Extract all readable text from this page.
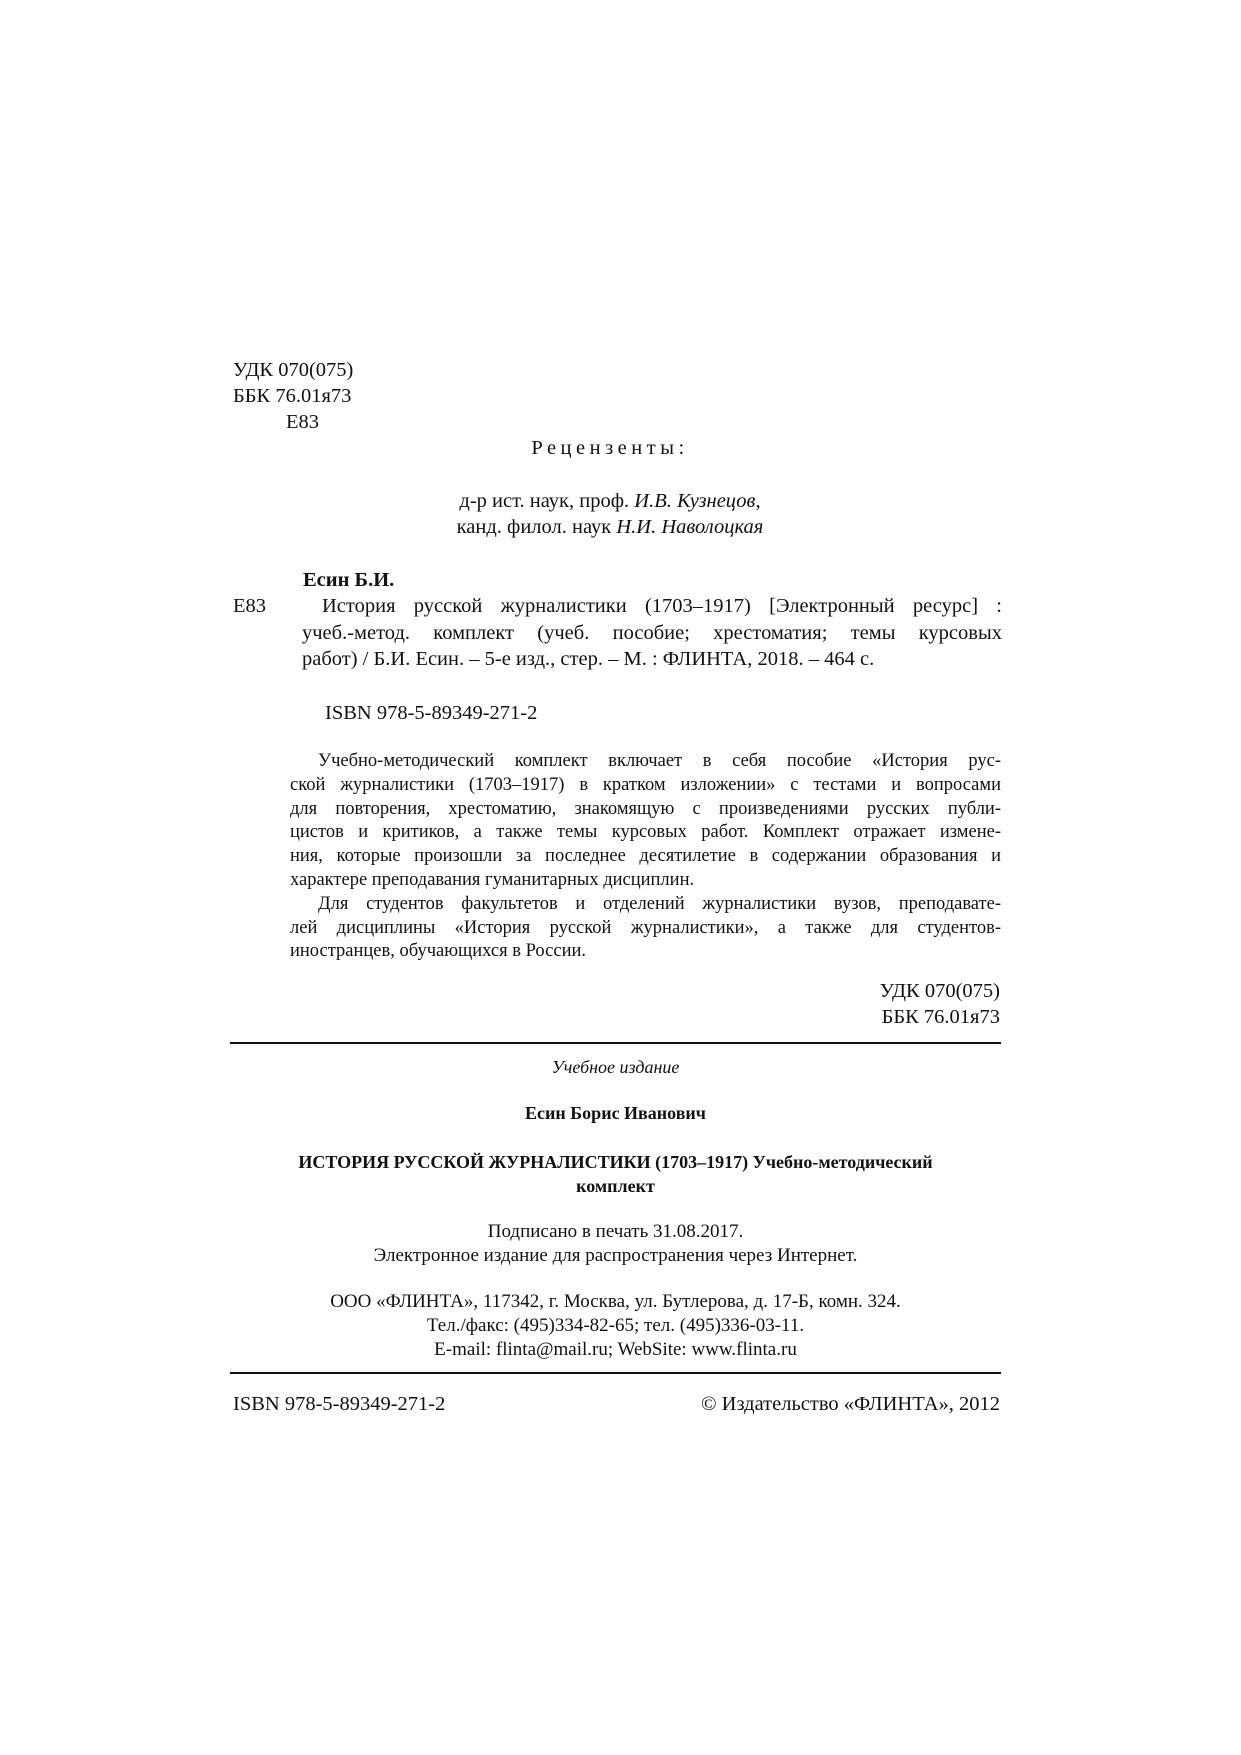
УДК 070(075)

ББК 76.01я73

Е83

Рецензенты:

д-р ист. наук, проф. И.В. Кузнецов,

канд. филол. наук Н.И. Наволоцкая

Есин Б.И.

Е83	История русской журналистики (1703–1917) [Электронный ресурс] :
учеб.-метод. комплект (учеб. пособие; хрестоматия; темы курсовых
работ) / Б.И. Есин. – 5-е изд., стер. – М. : ФЛИНТА, 2018. – 464 с.

ISBN 978-5-89349-271-2

Учебно-методический комплект включает в себя пособие «История рус-
ской журналистики (1703–1917) в кратком изложении» с тестами и вопросами
для повторения, хрестоматию, знакомящую с произведениями русских публи-
цистов и критиков, а также темы курсовых работ. Комплект отражает измене-
ния, которые произошли за последнее десятилетие в содержании образования и
характере преподавания гуманитарных дисциплин.
Для студентов факультетов и отделений журналистики вузов, преподавате-
лей дисциплины «История русской журналистики», а также для студентов-
иностранцев, обучающихся в России.

УДК 070(075)

ББК 76.01я73

Учебное издание

Есин Борис Иванович

ИСТОРИЯ РУССКОЙ ЖУРНАЛИСТИКИ (1703–1917) Учебно-методический

комплект

Подписано в печать 31.08.2017.

Электронное издание для распространения через Интернет.

ООО «ФЛИНТА», 117342, г. Москва, ул. Бутлерова, д. 17-Б, комн. 324.

Тел./факс: (495)334-82-65; тел. (495)336-03-11.

E-mail: flinta@mail.ru; WebSite: www.flinta.ru

ISBN 978-5-89349-271-2	© Издательство «ФЛИНТА», 2012
